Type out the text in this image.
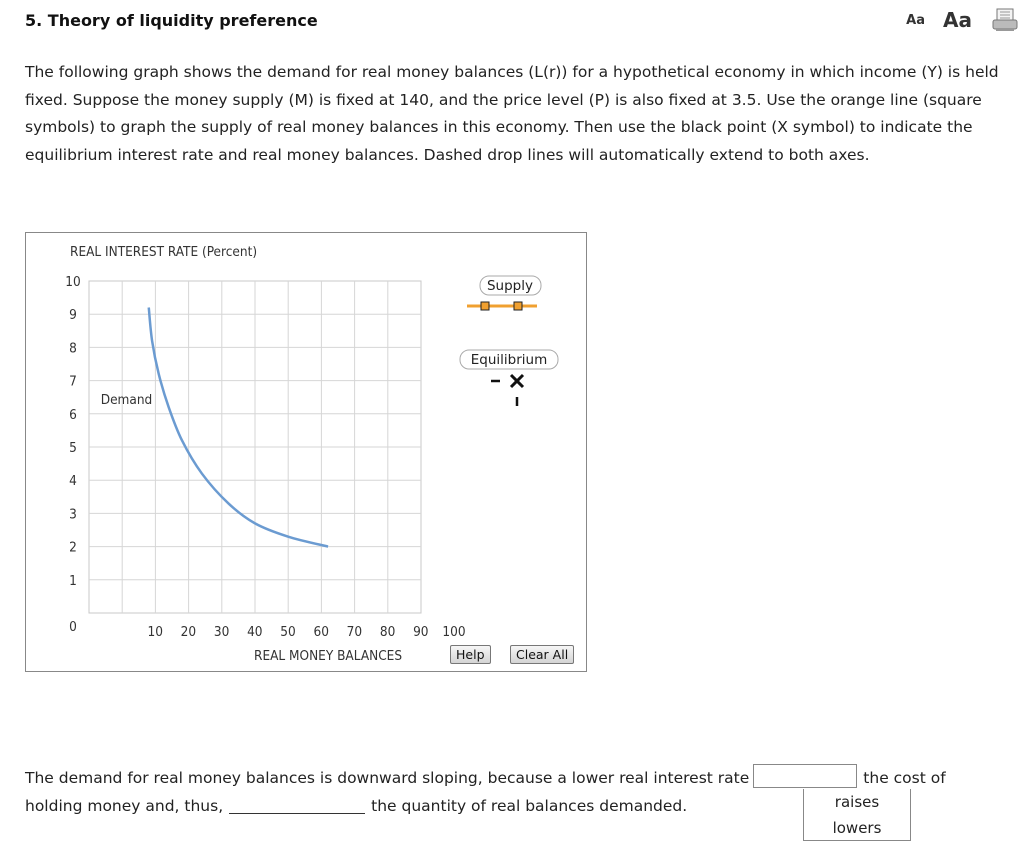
5. Theory of liquidity preference	Aa Aa
The following graph shows the demand for real money balances (L(r)) for a hypothetical economy in which income (Y) is held fixed. Suppose the money supply (M) is fixed at 140, and the price level (P) is also fixed at 3.5. Use the orange line (square symbols) to graph the supply of real money balances in this economy. Then use the black point (X symbol) to indicate the equilibrium interest rate and real money balances. Dashed drop lines will automatically extend to both axes.
REAL INTEREST RATE (Percent)
REAL MONEY BALANCES
10
9
8
7
6
5
4
3
2
1
0	10 20 30 40 50 60 70 80 90 100
Demand
Supply
Equilibrium
Help	Clear All
The demand for real money balances is downward sloping, because a lower real interest rate	the cost of holding money and, thus,	the quantity of real balances demanded.	raises
lowers
